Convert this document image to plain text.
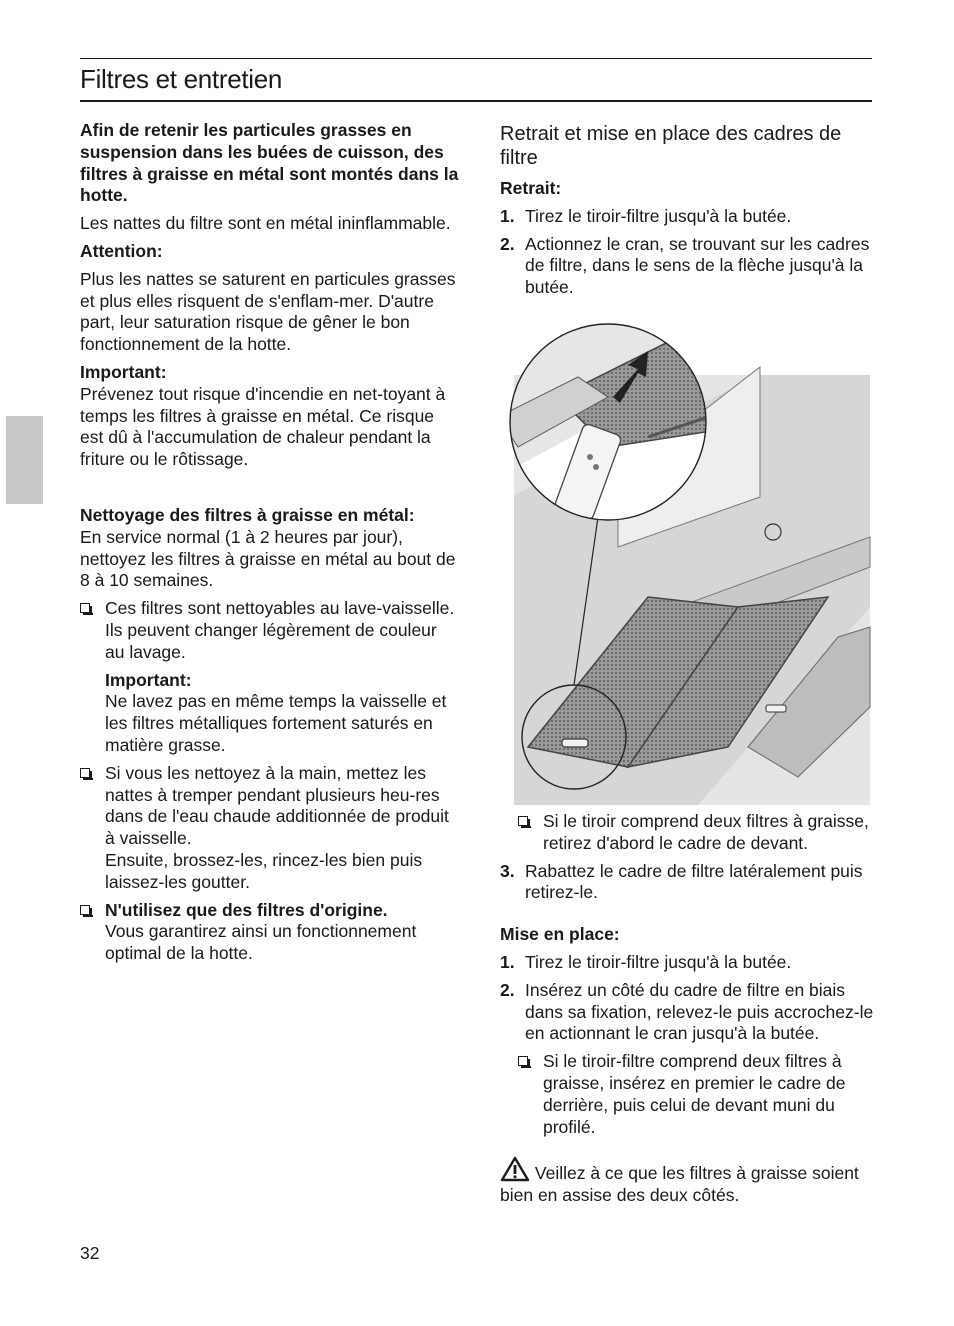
Filtres et entretien

Afin de retenir les particules grasses en suspension dans les buées de cuisson, des filtres à graisse en métal sont montés dans la hotte.

Les nattes du filtre sont en métal ininflammable.

Attention:

Plus les nattes se saturent en particules grasses et plus elles risquent de s'enflam-mer. D'autre part, leur saturation risque de gêner le bon fonctionnement de la hotte.

Important:

Prévenez tout risque d'incendie en net-toyant à temps les filtres à graisse en métal. Ce risque est dû à l'accumulation de chaleur pendant la friture ou le rôtissage.

Nettoyage des filtres à graisse en métal:

En service normal (1 à 2 heures par jour), nettoyez les filtres à graisse en métal au bout de 8 à 10 semaines.

Ces filtres sont nettoyables au lave-vaisselle.

Ils peuvent changer légèrement de couleur au lavage.

Important:

Ne lavez pas en même temps la vaisselle et les filtres métalliques fortement saturés en matière grasse.

Si vous les nettoyez à la main, mettez les nattes à tremper pendant plusieurs heu-res dans de l'eau chaude additionnée de produit à vaisselle.

Ensuite, brossez-les, rincez-les bien puis laissez-les goutter.

N'utilisez que des filtres d'origine.

Vous garantirez ainsi un fonctionnement optimal de la hotte.

Retrait et mise en place des cadres de filtre

Retrait:

1. Tirez le tiroir-filtre jusqu'à la butée.

2. Actionnez le cran, se trouvant sur les cadres de filtre, dans le sens de la flèche jusqu'à la butée.

Si le tiroir comprend deux filtres à graisse, retirez d'abord le cadre de devant.

3. Rabattez le cadre de filtre latéralement puis retirez-le.

Mise en place:

1. Tirez le tiroir-filtre jusqu'à la butée.

2. Insérez un côté du cadre de filtre en biais dans sa fixation, relevez-le puis accrochez-le en actionnant le cran jusqu'à la butée.

Si le tiroir-filtre comprend deux filtres à graisse, insérez en premier le cadre de derrière, puis celui de devant muni du profilé.

Veillez à ce que les filtres à graisse soient bien en assise des deux côtés.

32
